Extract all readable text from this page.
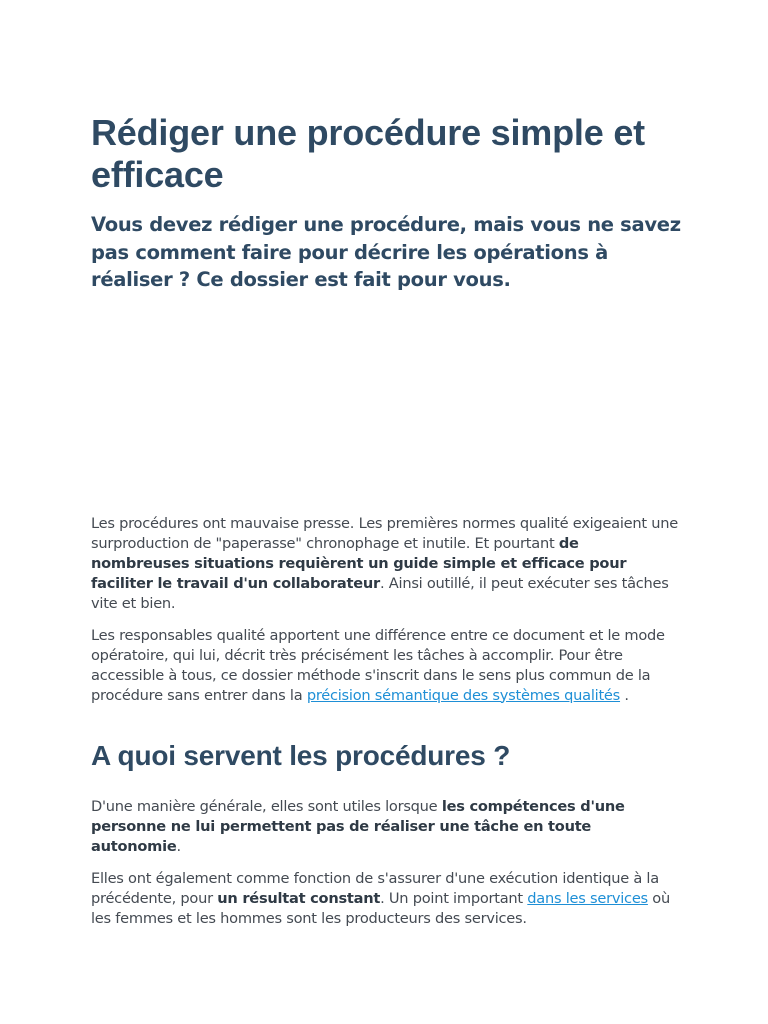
Rédiger une procédure simple et efficace
Vous devez rédiger une procédure, mais vous ne savez pas comment faire pour décrire les opérations à réaliser ? Ce dossier est fait pour vous.

Les procédures ont mauvaise presse. Les premières normes qualité exigeaient une surproduction de "paperasse" chronophage et inutile. Et pourtant de nombreuses situations requièrent un guide simple et efficace pour faciliter le travail d'un collaborateur. Ainsi outillé, il peut exécuter ses tâches vite et bien.

Les responsables qualité apportent une différence entre ce document et le mode opératoire, qui lui, décrit très précisément les tâches à accomplir. Pour être accessible à tous, ce dossier méthode s'inscrit dans le sens plus commun de la procédure sans entrer dans la précision sémantique des systèmes qualités .

A quoi servent les procédures ?

D'une manière générale, elles sont utiles lorsque les compétences d'une personne ne lui permettent pas de réaliser une tâche en toute autonomie.

Elles ont également comme fonction de s'assurer d'une exécution identique à la précédente, pour un résultat constant. Un point important dans les services où les femmes et les hommes sont les producteurs des services.
